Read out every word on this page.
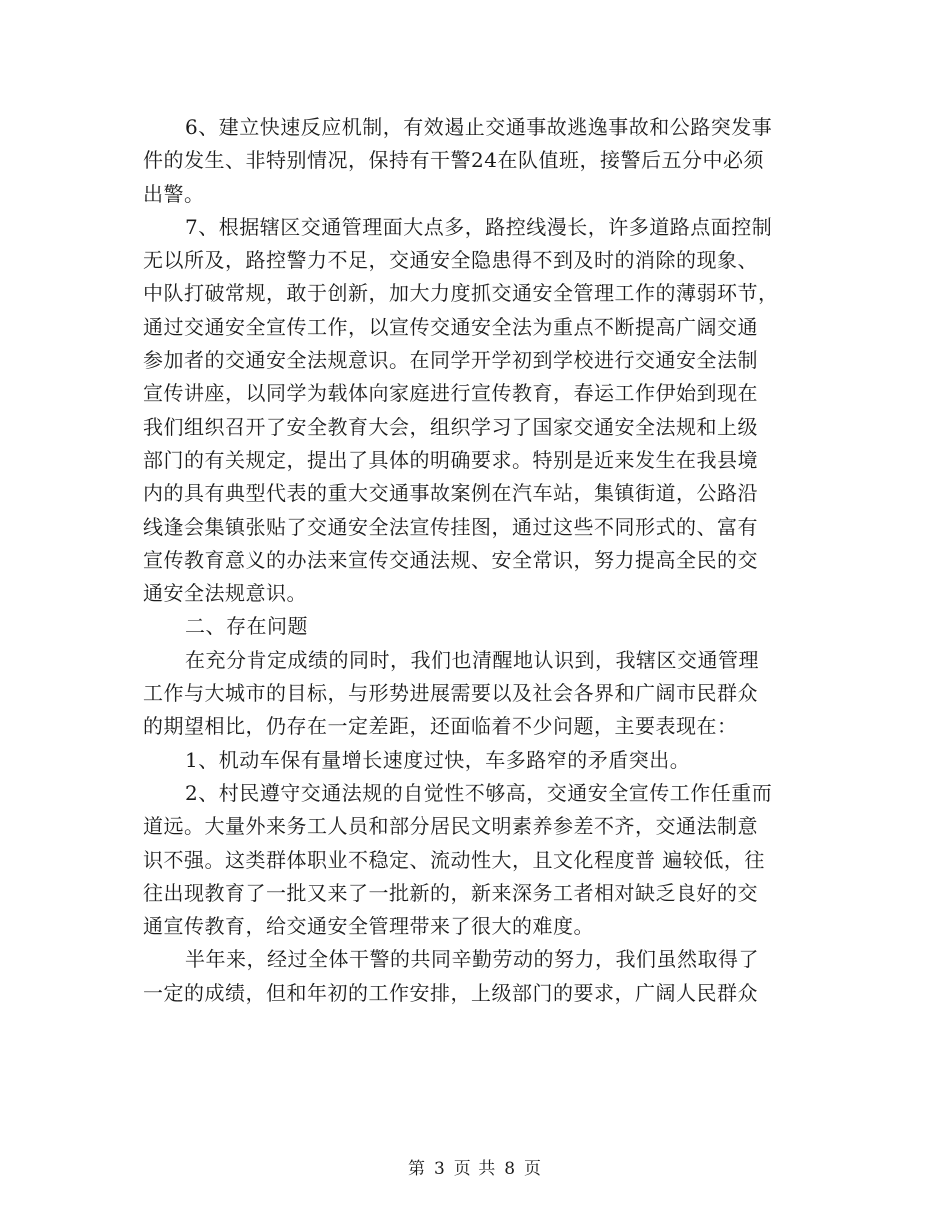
6、建立快速反应机制，有效遏止交通事故逃逸事故和公路突发事
件的发生、非特别情况，保持有干警24在队值班，接警后五分中必须
出警。

7、根据辖区交通管理面大点多，路控线漫长，许多道路点面控制
无以所及，路控警力不足，交通安全隐患得不到及时的消除的现象、
中队打破常规，敢于创新，加大力度抓交通安全管理工作的薄弱环节，
通过交通安全宣传工作，以宣传交通安全法为重点不断提高广阔交通
参加者的交通安全法规意识。在同学开学初到学校进行交通安全法制
宣传讲座，以同学为载体向家庭进行宣传教育，春运工作伊始到现在
我们组织召开了安全教育大会，组织学习了国家交通安全法规和上级
部门的有关规定，提出了具体的明确要求。特别是近来发生在我县境
内的具有典型代表的重大交通事故案例在汽车站，集镇街道，公路沿
线逢会集镇张贴了交通安全法宣传挂图，通过这些不同形式的、富有
宣传教育意义的办法来宣传交通法规、安全常识，努力提高全民的交
通安全法规意识。

二、存在问题

在充分肯定成绩的同时，我们也清醒地认识到，我辖区交通管理
工作与大城市的目标，与形势进展需要以及社会各界和广阔市民群众
的期望相比，仍存在一定差距，还面临着不少问题，主要表现在：

1、机动车保有量增长速度过快，车多路窄的矛盾突出。

2、村民遵守交通法规的自觉性不够高，交通安全宣传工作任重而
道远。大量外来务工人员和部分居民文明素养参差不齐，交通法制意
识不强。这类群体职业不稳定、流动性大，且文化程度普 遍较低，往
往出现教育了一批又来了一批新的，新来深务工者相对缺乏良好的交
通宣传教育，给交通安全管理带来了很大的难度。

半年来，经过全体干警的共同辛勤劳动的努力，我们虽然取得了
一定的成绩，但和年初的工作安排，上级部门的要求，广阔人民群众

第 3 页 共 8 页
